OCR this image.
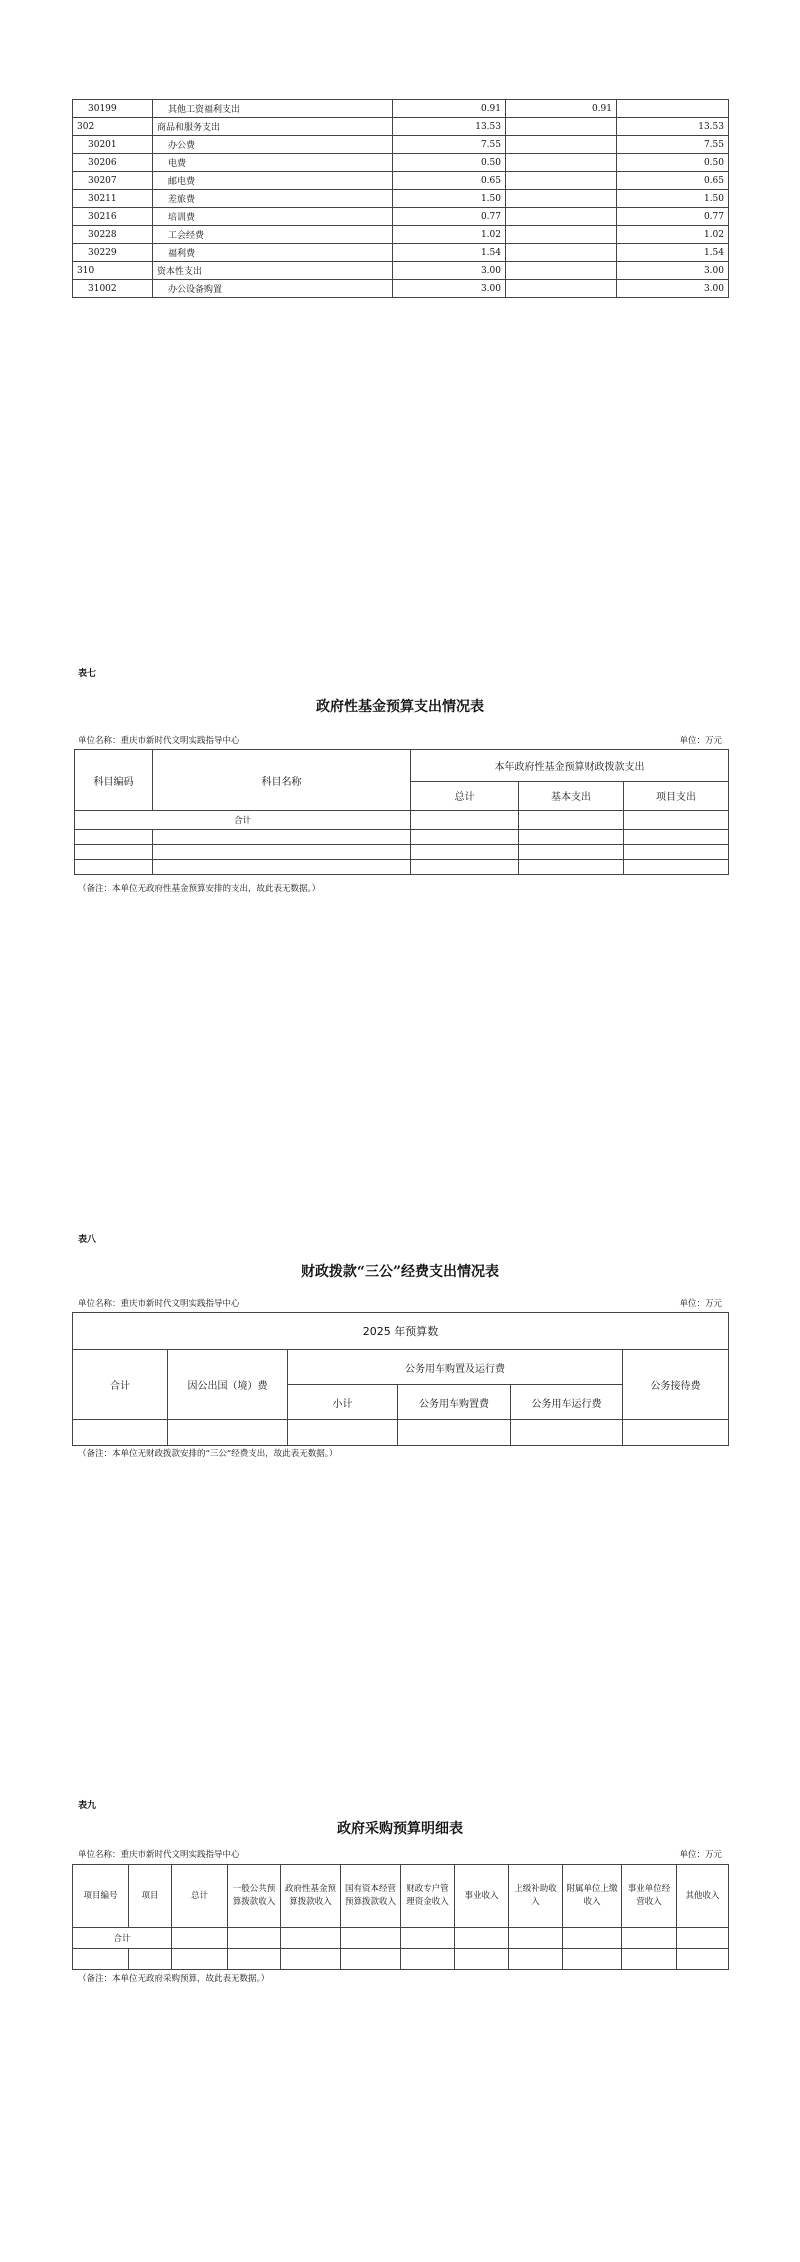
30199	其他工资福利支出	0.91	0.91	
302	商品和服务支出	13.53		13.53
30201	办公费	7.55		7.55
30206	电费	0.50		0.50
30207	邮电费	0.65		0.65
30211	差旅费	1.50		1.50
30216	培训费	0.77		0.77
30228	工会经费	1.02		1.02
30229	福利费	1.54		1.54
310	资本性支出	3.00		3.00
31002	办公设备购置	3.00		3.00
表七
政府性基金预算支出情况表
单位名称：重庆市新时代文明实践指导中心	单位：万元
科目编码	科目名称	本年政府性基金预算财政拨款支出		
		总计	基本支出	项目支出
合计				

（备注：本单位无政府性基金预算安排的支出，故此表无数据。）
表八
财政拨款“三公”经费支出情况表
单位名称：重庆市新时代文明实践指导中心	单位：万元
2025 年预算数					
合计	因公出国（境）费	公务用车购置及运行费			公务接待费
		小计	公务用车购置费	公务用车运行费	

（备注：本单位无财政拨款安排的“三公”经费支出，故此表无数据。）
表九
政府采购预算明细表
单位名称：重庆市新时代文明实践指导中心	单位：万元
项目编号	项目	总计	一般公共预算拨款收入	政府性基金预算拨款收入	国有资本经营预算拨款收入	财政专户管理资金收入	事业收入	上级补助收入	附属单位上缴收入	事业单位经营收入	其他收入
合计											

（备注：本单位无政府采购预算，故此表无数据。）
